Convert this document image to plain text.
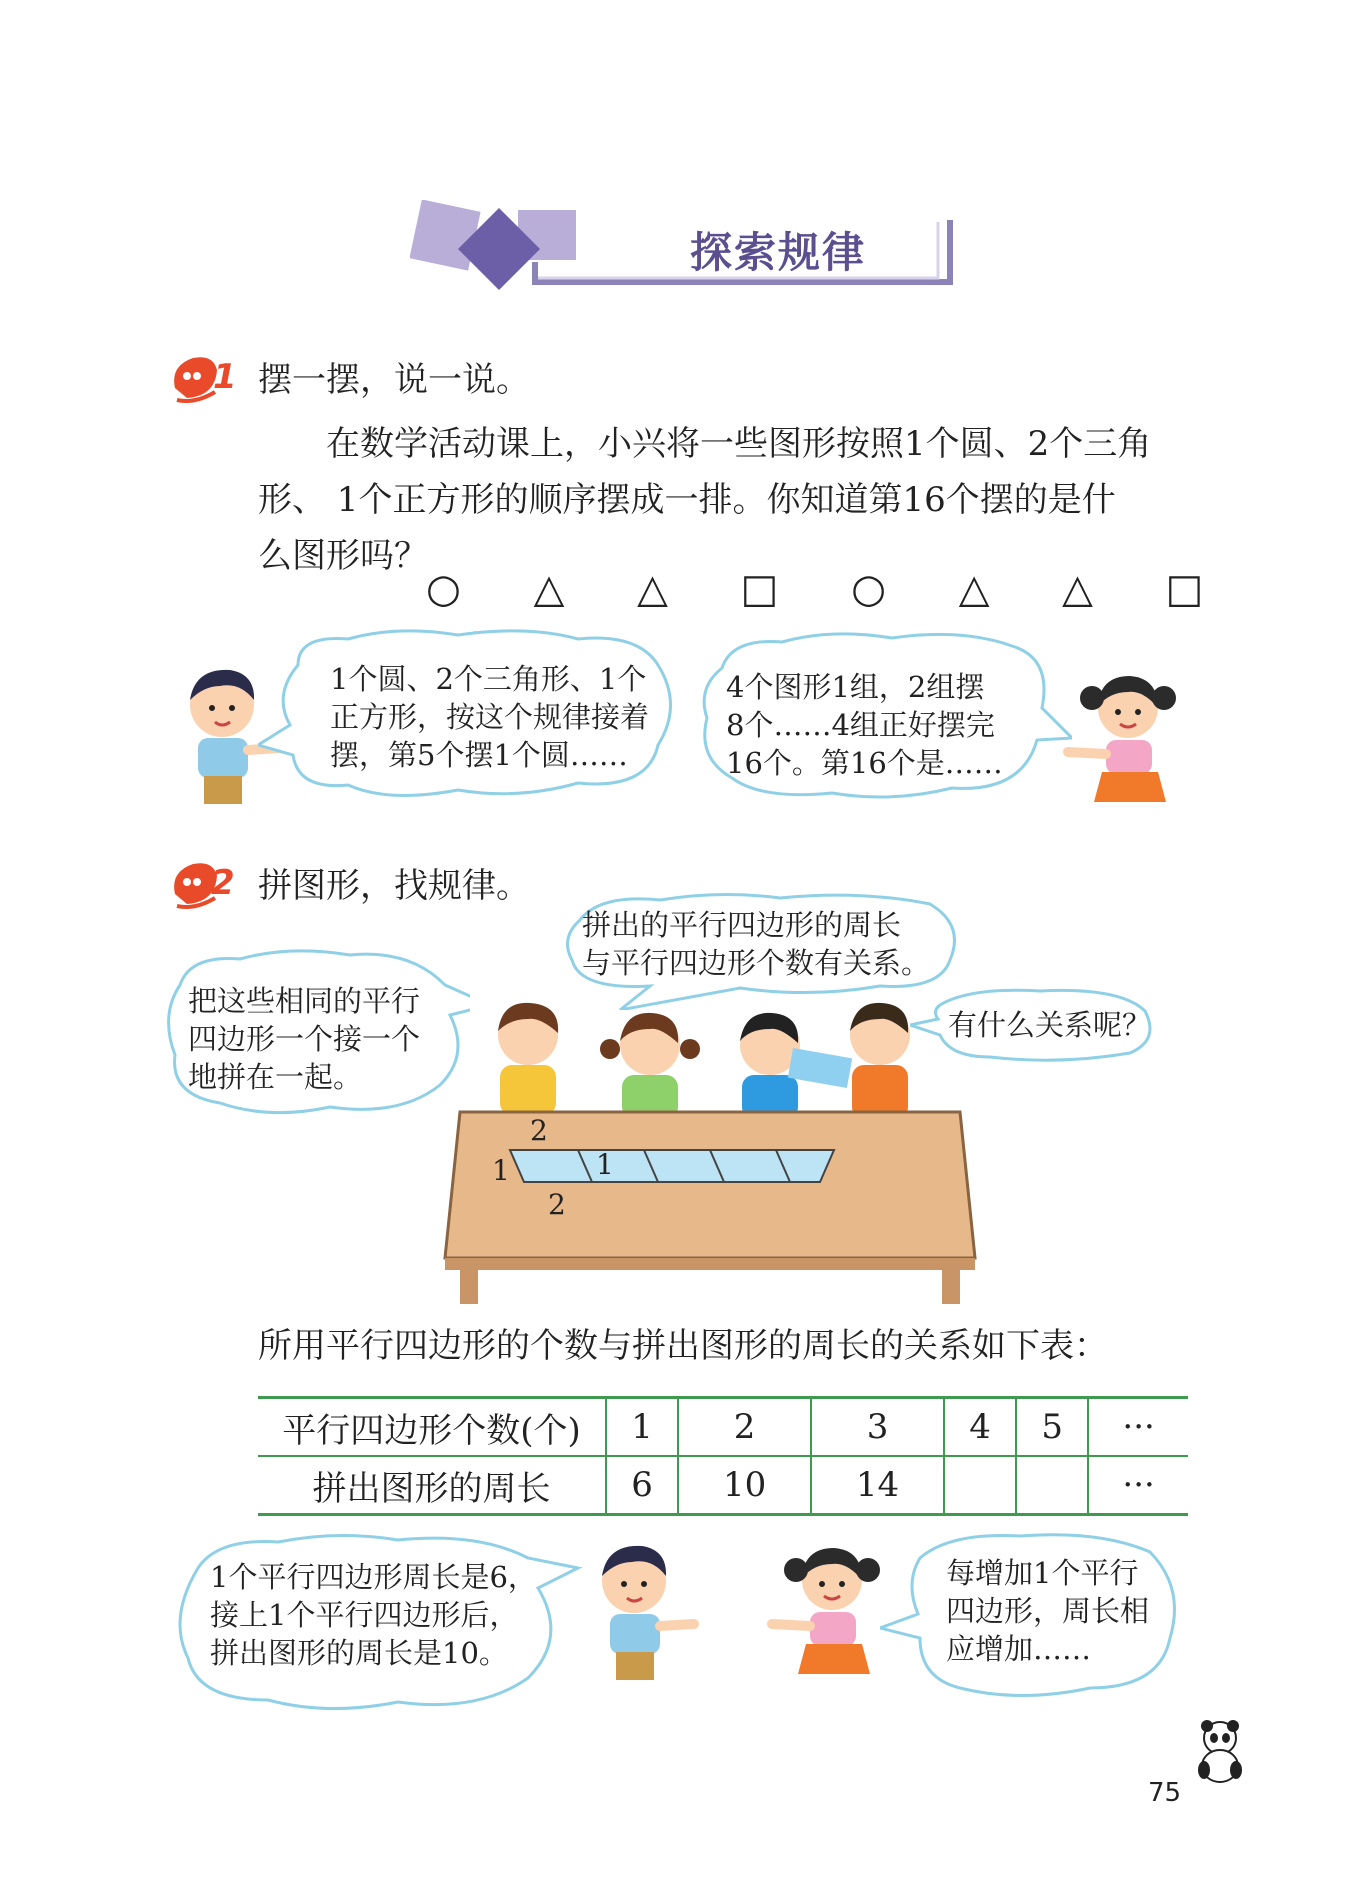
探索规律
1 摆一摆，说一说。
在数学活动课上，小兴将一些图形按照1个圆、2个三角
形、 1个正方形的顺序摆成一排。你知道第16个摆的是什
么图形吗？
○ △ △ □ ○ △ △ □
1个圆、2个三角形、1个
正方形，按这个规律接着
摆，第5个摆1个圆……
4个图形1组，2组摆
8个……4组正好摆完
16个。第16个是……
2 拼图形，找规律。
把这些相同的平行
四边形一个接一个
地拼在一起。
拼出的平行四边形的周长
与平行四边形个数有关系。
有什么关系呢？
2
1	1
2
所用平行四边形的个数与拼出图形的周长的关系如下表：
平行四边形个数(个)	1	2	3	4	5	···
拼出图形的周长	6	10	14			···
1个平行四边形周长是6，
接上1个平行四边形后，
拼出图形的周长是10。
每增加1个平行
四边形，周长相
应增加……
75
